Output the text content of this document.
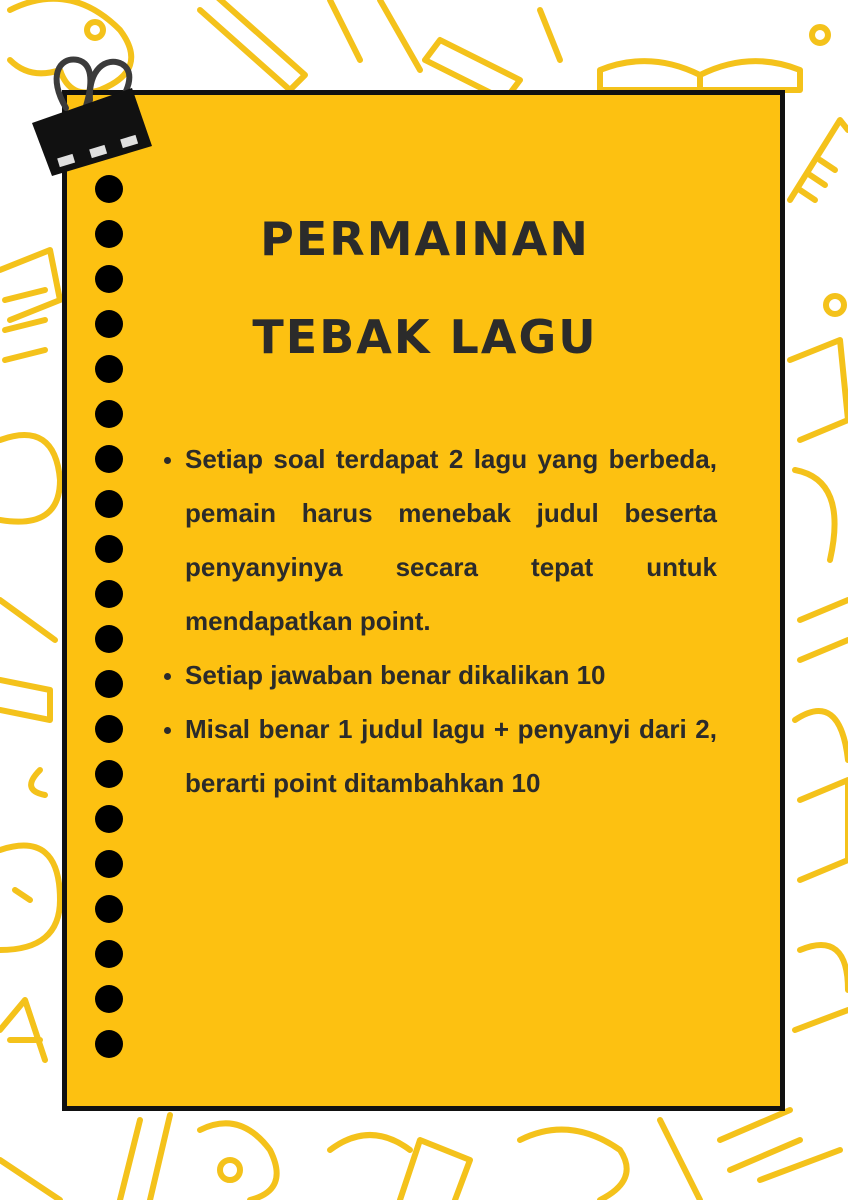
PERMAINAN
TEBAK LAGU
• Setiap soal terdapat 2 lagu yang berbeda, pemain harus menebak judul beserta penyanyinya secara tepat untuk mendapatkan point.
• Setiap jawaban benar dikalikan 10
• Misal benar 1 judul lagu + penyanyi dari 2, berarti point ditambahkan 10
